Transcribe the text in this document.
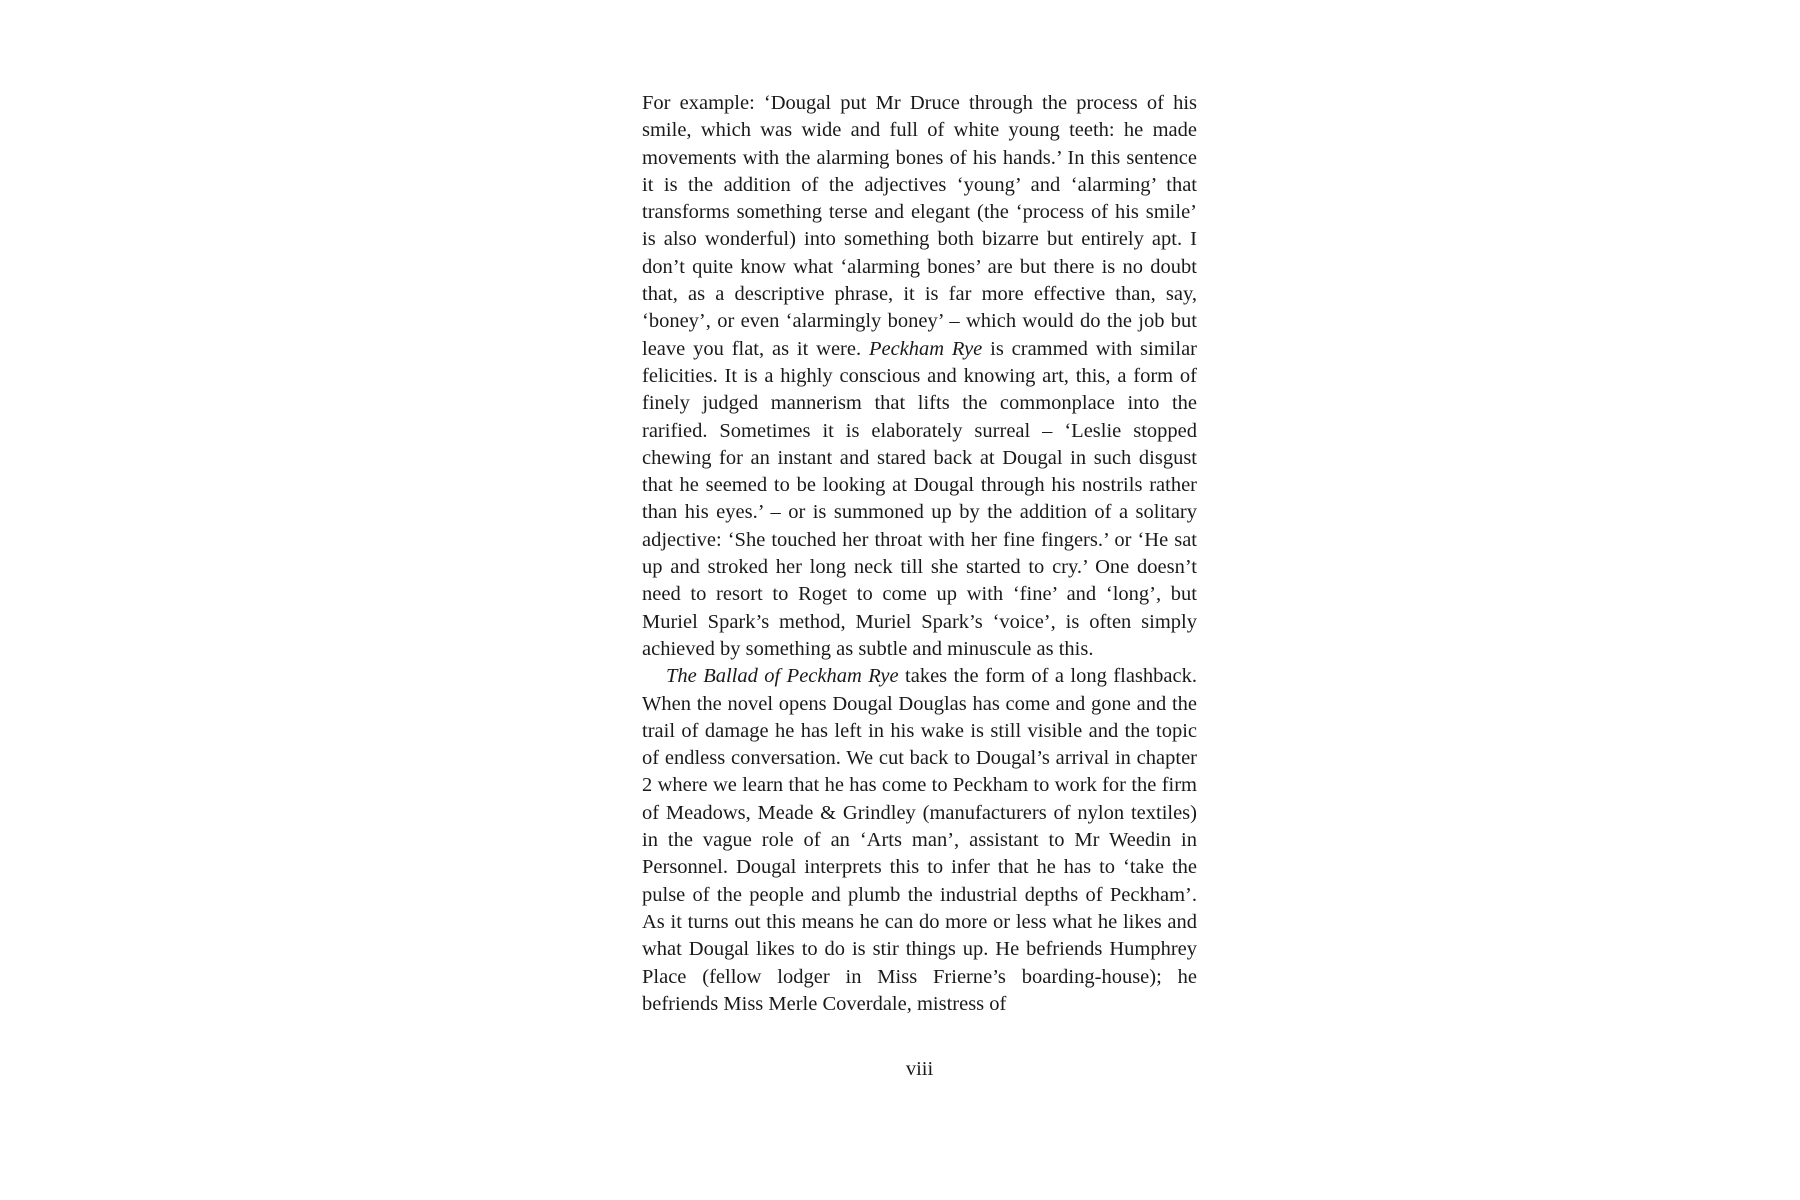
For example: ‘Dougal put Mr Druce through the process of his smile, which was wide and full of white young teeth: he made movements with the alarming bones of his hands.’ In this sentence it is the addition of the adjectives ‘young’ and ‘alarming’ that transforms something terse and elegant (the ‘process of his smile’ is also wonderful) into something both bizarre but entirely apt. I don’t quite know what ‘alarming bones’ are but there is no doubt that, as a descriptive phrase, it is far more effective than, say, ‘boney’, or even ‘alarmingly boney’ – which would do the job but leave you flat, as it were. Peckham Rye is crammed with similar felicities. It is a highly conscious and knowing art, this, a form of finely judged mannerism that lifts the commonplace into the rarified. Sometimes it is elaborately surreal – ‘Leslie stopped chewing for an instant and stared back at Dougal in such disgust that he seemed to be looking at Dougal through his nostrils rather than his eyes.’ – or is summoned up by the addition of a solitary adjective: ‘She touched her throat with her fine fingers.’ or ‘He sat up and stroked her long neck till she started to cry.’ One doesn’t need to resort to Roget to come up with ‘fine’ and ‘long’, but Muriel Spark’s method, Muriel Spark’s ‘voice’, is often simply achieved by something as subtle and minuscule as this.

The Ballad of Peckham Rye takes the form of a long flashback. When the novel opens Dougal Douglas has come and gone and the trail of damage he has left in his wake is still visible and the topic of endless conversation. We cut back to Dougal’s arrival in chapter 2 where we learn that he has come to Peckham to work for the firm of Meadows, Meade & Grindley (manufacturers of nylon textiles) in the vague role of an ‘Arts man’, assistant to Mr Weedin in Personnel. Dougal interprets this to infer that he has to ‘take the pulse of the people and plumb the industrial depths of Peckham’. As it turns out this means he can do more or less what he likes and what Dougal likes to do is stir things up. He befriends Humphrey Place (fellow lodger in Miss Frierne’s boarding-house); he befriends Miss Merle Coverdale, mistress of

viii
